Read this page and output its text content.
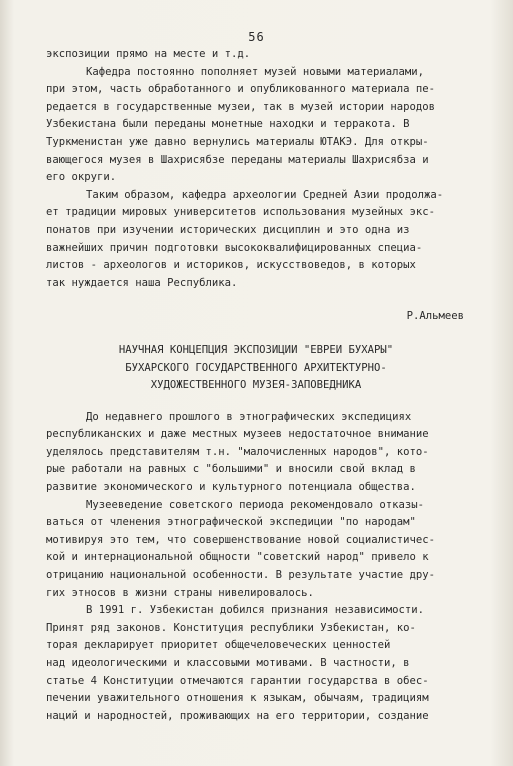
56

экспозиции прямо на месте и т.д.
Кафедра постоянно пополняет музей новыми материалами,
при этом, часть обработанного и опубликованного материала пе-
редается в государственные музеи, так в музей истории народов
Узбекистана были переданы монетные находки и терракота. В
Туркменистан уже давно вернулись материалы ЮТАКЭ. Для откры-
вающегося музея в Шахрисябзе переданы материалы Шахрисябза и
его округи.

Таким образом, кафедра археологии Средней Азии продолжа-
ет традиции мировых университетов использования музейных экс-
понатов при изучении исторических дисциплин и это одна из
важнейших причин подготовки высококвалифицированных специа-
листов - археологов и историков, искусствоведов, в которых
так нуждается наша Республика.

Р.Альмеев
НАУЧНАЯ КОНЦЕПЦИЯ ЭКСПОЗИЦИИ "ЕВРЕИ БУХАРЫ"
БУХАРСКОГО ГОСУДАРСТВЕННОГО АРХИТЕКТУРНО-
ХУДОЖЕСТВЕННОГО МУЗЕЯ-ЗАПОВЕДНИКА

До недавнего прошлого в этнографических экспедициях
республиканских и даже местных музеев недостаточное внимание
уделялось представителям т.н. "малочисленных народов", кото-
рые работали на равных с "большими" и вносили свой вклад в
развитие экономического и культурного потенциала общества.

Музееведение советского периода рекомендовало отказы-
ваться от членения этнографической экспедиции "по народам"
мотивируя это тем, что совершенствование новой социалистичес-
кой и интернациональной общности "советский народ" привело к
отрицанию национальной особенности. В результате участие дру-
гих этносов в жизни страны нивелировалось.

В 1991 г. Узбекистан добился признания независимости.
Принят ряд законов. Конституция республики Узбекистан, ко-
торая декларирует приоритет общечеловеческих ценностей
над идеологическими и классовыми мотивами. В частности, в
статье 4 Конституции отмечаются гарантии государства в обес-
печении уважительного отношения к языкам, обычаям, традициям
наций и народностей, проживающих на его территории, создание
